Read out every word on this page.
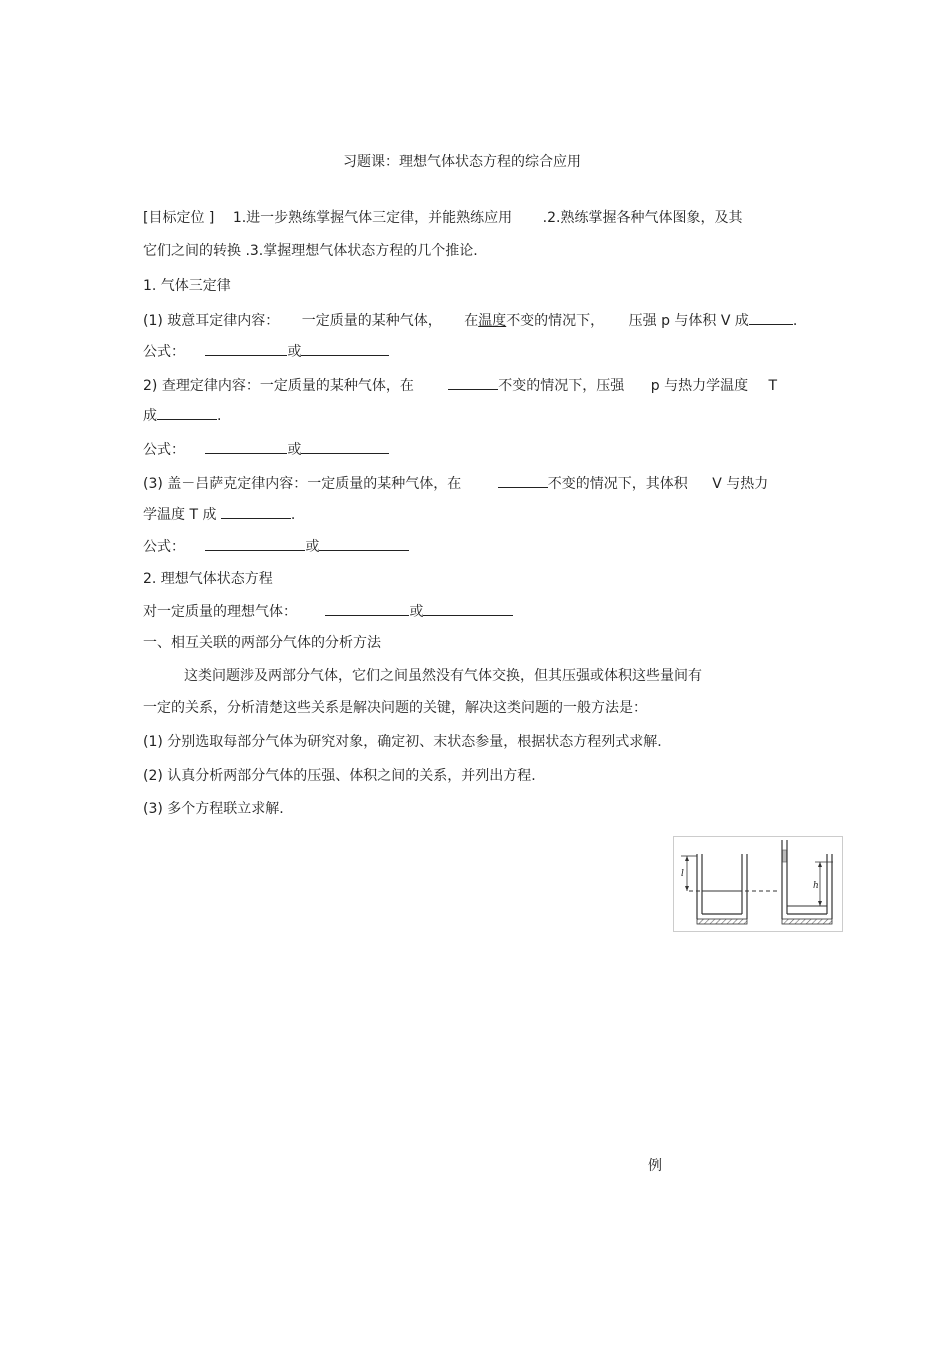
习题课：理想气体状态方程的综合应用
[目标定位 ] 1.进一步熟练掌握气体三定律，并能熟练应用 .2.熟练掌握各种气体图象，及其
它们之间的转换 .3.掌握理想气体状态方程的几个推论.
1. 气体三定律
(1) 玻意耳定律内容： 一定质量的某种气体， 在温度不变的情况下， 压强 p 与体积 V 成	.
公式：	或
2) 查理定律内容：一定质量的某种气体，在	不变的情况下，压强 p 与热力学温度 T
成	.
公式：	或
(3) 盖－吕萨克定律内容：一定质量的某种气体，在	不变的情况下，其体积 V 与热力
学温度 T 成	.
公式：	或
2. 理想气体状态方程
对一定质量的理想气体：	或
一、相互关联的两部分气体的分析方法
这类问题涉及两部分气体，它们之间虽然没有气体交换，但其压强或体积这些量间有
一定的关系，分析清楚这些关系是解决问题的关键，解决这类问题的一般方法是：
(1) 分别选取每部分气体为研究对象，确定初、末状态参量，根据状态方程列式求解.
(2) 认真分析两部分气体的压强、体积之间的关系，并列出方程.
(3) 多个方程联立求解.
l
h
例
